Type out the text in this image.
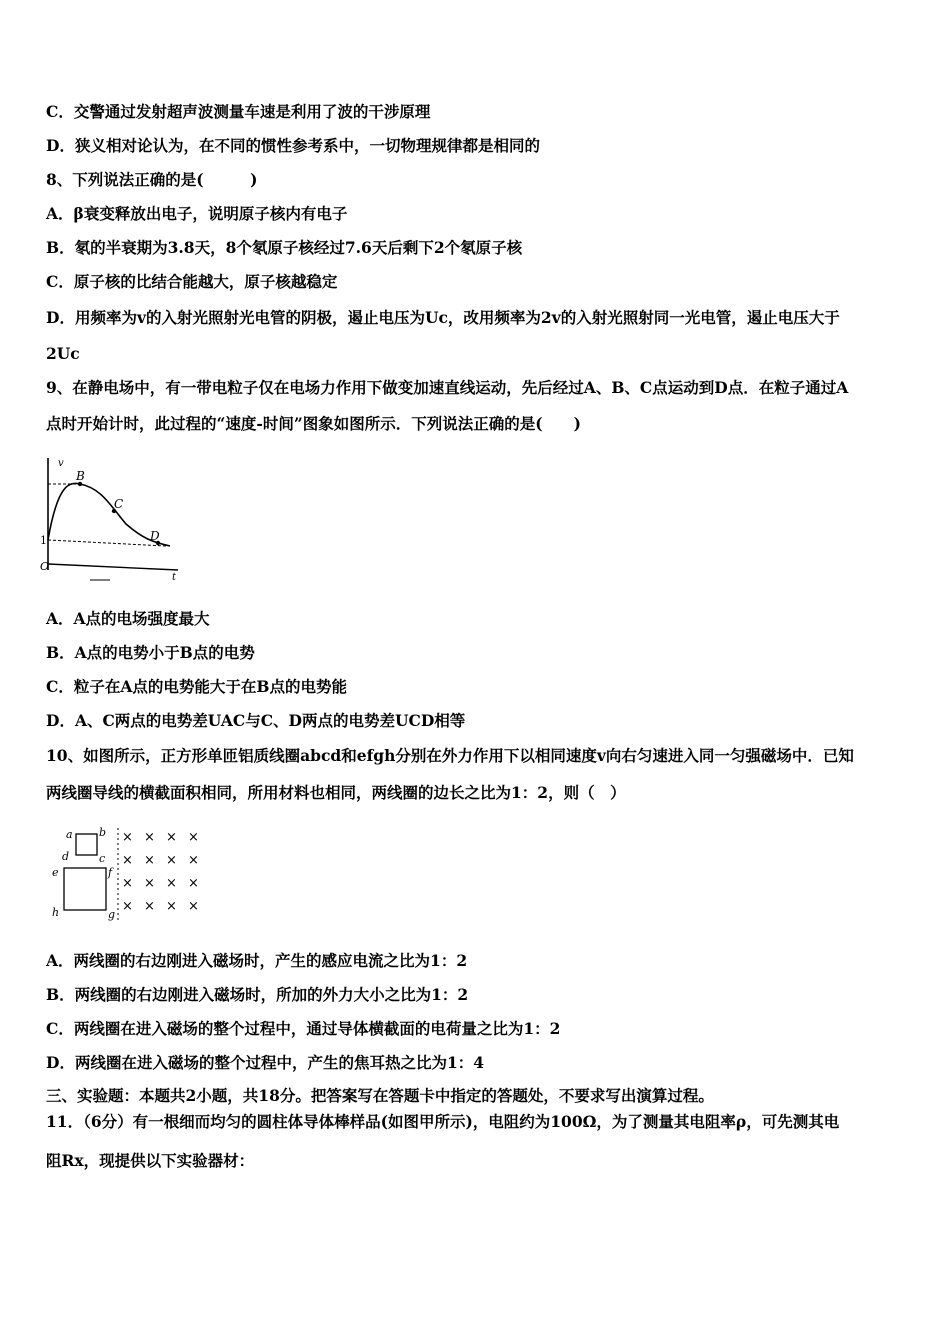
C．交警通过发射超声波测量车速是利用了波的干涉原理
D．狭义相对论认为，在不同的惯性参考系中，一切物理规律都是相同的
8、下列说法正确的是(　　　)
A．β衰变释放出电子，说明原子核内有电子
B．氡的半衰期为3.8天，8个氡原子核经过7.6天后剩下2个氡原子核
C．原子核的比结合能越大，原子核越稳定
D．用频率为v的入射光照射光电管的阴极，遏止电压为Uc，改用频率为2v的入射光照射同一光电管，遏止电压大于
2Uc
9、在静电场中，有一带电粒子仅在电场力作用下做变加速直线运动，先后经过A、B、C点运动到D点．在粒子通过A
点时开始计时，此过程的“速度-时间”图象如图所示．下列说法正确的是(　　)
v
B
C
D
1
O
t
A．A点的电场强度最大
B．A点的电势小于B点的电势
C．粒子在A点的电势能大于在B点的电势能
D．A、C两点的电势差UAC与C、D两点的电势差UCD相等
10、如图所示，正方形单匝铝质线圈abcd和efgh分别在外力作用下以相同速度v向右匀速进入同一匀强磁场中．已知
两线圈导线的横截面积相同，所用材料也相同，两线圈的边长之比为1：2，则（　）
a b
c
d
e	f
g
h
× × × ×
× × × ×
× × × ×
× × × ×
A．两线圈的右边刚进入磁场时，产生的感应电流之比为1：2
B．两线圈的右边刚进入磁场时，所加的外力大小之比为1：2
C．两线圈在进入磁场的整个过程中，通过导体横截面的电荷量之比为1：2
D．两线圈在进入磁场的整个过程中，产生的焦耳热之比为1：4
三、实验题：本题共2小题，共18分。把答案写在答题卡中指定的答题处，不要求写出演算过程。
11．（6分）有一根细而均匀的圆柱体导体棒样品(如图甲所示)，电阻约为100Ω，为了测量其电阻率ρ，可先测其电
阻Rx，现提供以下实验器材：
